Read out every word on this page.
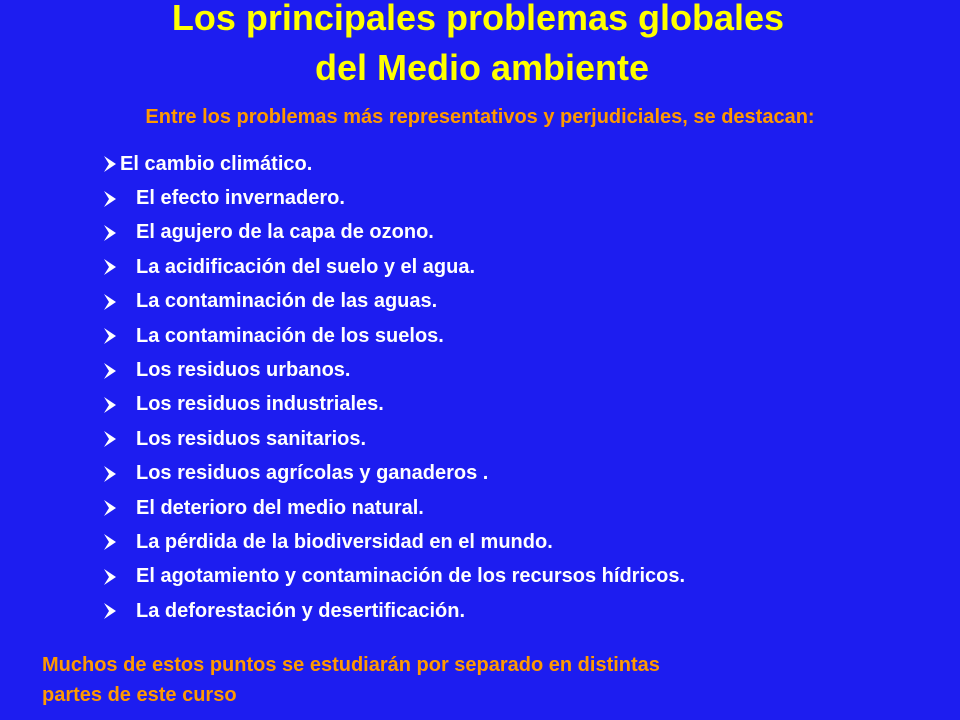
Los principales problemas globales
del Medio ambiente
Entre los problemas más representativos y perjudiciales, se destacan:
El cambio climático.
El efecto invernadero.
El agujero de la capa de ozono.
La acidificación del suelo y el agua.
La contaminación de las aguas.
La contaminación de los suelos.
Los residuos urbanos.
Los residuos industriales.
Los residuos sanitarios.
Los residuos agrícolas y ganaderos .
El deterioro del medio natural.
La pérdida de la biodiversidad en el mundo.
El agotamiento y contaminación de los recursos hídricos.
La deforestación y desertificación.
Muchos de estos puntos se estudiarán por separado en distintas
partes de este curso
